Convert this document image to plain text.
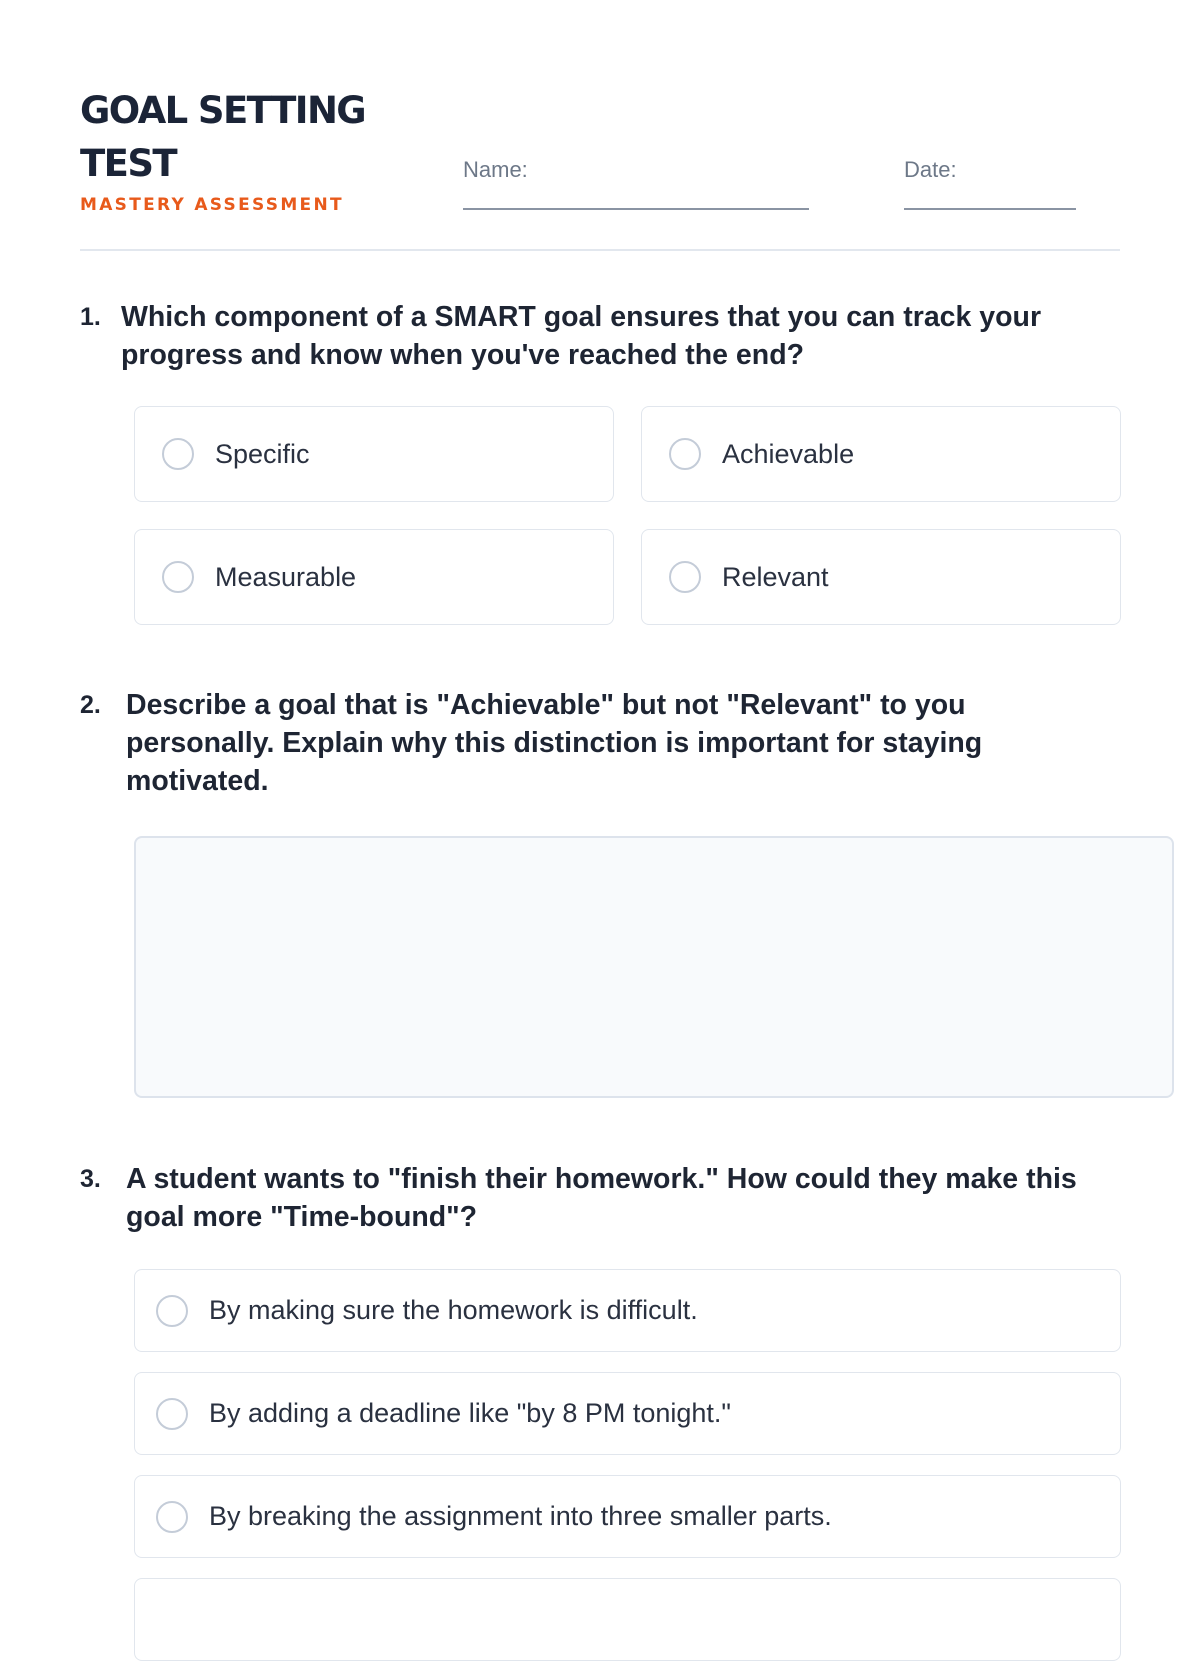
GOAL SETTING TEST
MASTERY ASSESSMENT
Name:	Date:
1. Which component of a SMART goal ensures that you can track your progress and know when you've reached the end?

Specific	Achievable
Measurable	Relevant
2. Describe a goal that is "Achievable" but not "Relevant" to you personally. Explain why this distinction is important for staying motivated.

3. A student wants to "finish their homework." How could they make this goal more "Time-bound"?

By making sure the homework is difficult.
By adding a deadline like "by 8 PM tonight."
By breaking the assignment into three smaller parts.
